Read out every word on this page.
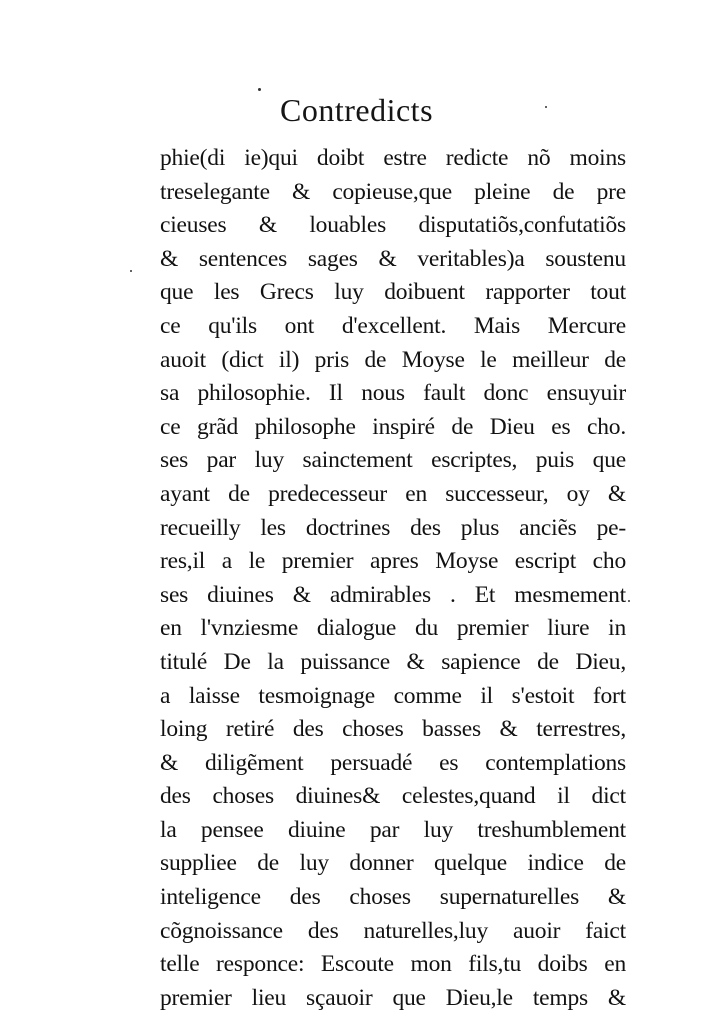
Contredicts
phie(di ie)qui doibt estre redicte nõ moins
treselegante & copieuse,que pleine de pre
cieuses & louables disputatiõs,confutatiõs
& sentences sages & veritables)a soustenu
que les Grecs luy doibuent rapporter tout
ce qu'ils ont d'excellent. Mais Mercure
auoit (dict il) pris de Moyse le meilleur de
sa philosophie. Il nous fault donc ensuyuir
ce grãd philosophe inspiré de Dieu es cho.
ses par luy sainctement escriptes, puis que
ayant de predecesseur en successeur, oy &
recueilly les doctrines des plus anciẽs pe-
res,il a le premier apres Moyse escript cho
ses diuines & admirables . Et mesmement
en l'vnziesme dialogue du premier liure in
titulé De la puissance & sapience de Dieu,
a laisse tesmoignage comme il s'estoit fort
loing retiré des choses basses & terrestres,
& diligẽment persuadé es contemplations
des choses diuines& celestes,quand il dict
la pensee diuine par luy treshumblement
suppliee de luy donner quelque indice de
inteligence des choses supernaturelles &
cõgnoissance des naturelles,luy auoir faict
telle responce: Escoute mon fils,tu doibs en
premier lieu sçauoir que Dieu,le temps &
